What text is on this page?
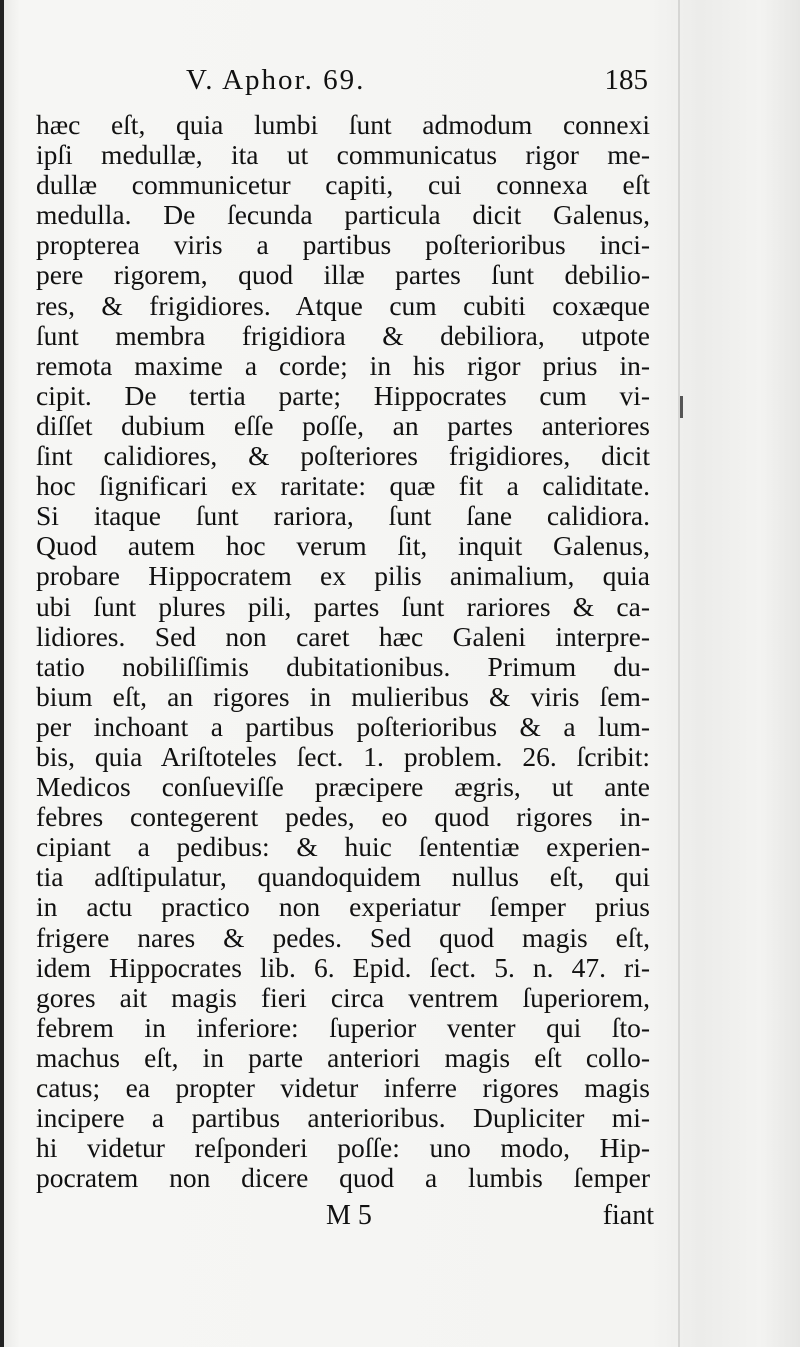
V. Aphor. 69.	185
hæc eſt, quia lumbi ſunt admodum connexi
ipſi medullæ, ita ut communicatus rigor me-
dullæ communicetur capiti, cui connexa eſt
medulla. De ſecunda particula dicit Galenus,
propterea viris a partibus poſterioribus inci-
pere rigorem, quod illæ partes ſunt debilio-
res, & frigidiores. Atque cum cubiti coxæque
ſunt membra frigidiora & debiliora, utpote
remota maxime a corde; in his rigor prius in-
cipit. De tertia parte; Hippocrates cum vi-
diſſet dubium eſſe poſſe, an partes anteriores
ſint calidiores, & poſteriores frigidiores, dicit
hoc ſignificari ex raritate: quæ fit a caliditate.
Si itaque ſunt rariora, ſunt ſane calidiora.
Quod autem hoc verum ſit, inquit Galenus,
probare Hippocratem ex pilis animalium, quia
ubi ſunt plures pili, partes ſunt rariores & ca-
lidiores. Sed non caret hæc Galeni interpre-
tatio nobiliſſimis dubitationibus. Primum du-
bium eſt, an rigores in mulieribus & viris ſem-
per inchoant a partibus poſterioribus & a lum-
bis, quia Ariſtoteles ſect. 1. problem. 26. ſcribit:
Medicos conſueviſſe præcipere ægris, ut ante
febres contegerent pedes, eo quod rigores in-
cipiant a pedibus: & huic ſententiæ experien-
tia adſtipulatur, quandoquidem nullus eſt, qui
in actu practico non experiatur ſemper prius
frigere nares & pedes. Sed quod magis eſt,
idem Hippocrates lib. 6. Epid. ſect. 5. n. 47. ri-
gores ait magis fieri circa ventrem ſuperiorem,
febrem in inferiore: ſuperior venter qui ſto-
machus eſt, in parte anteriori magis eſt collo-
catus; ea propter videtur inferre rigores magis
incipere a partibus anterioribus. Dupliciter mi-
hi videtur reſponderi poſſe: uno modo, Hip-
pocratem non dicere quod a lumbis ſemper
M 5	fiant
